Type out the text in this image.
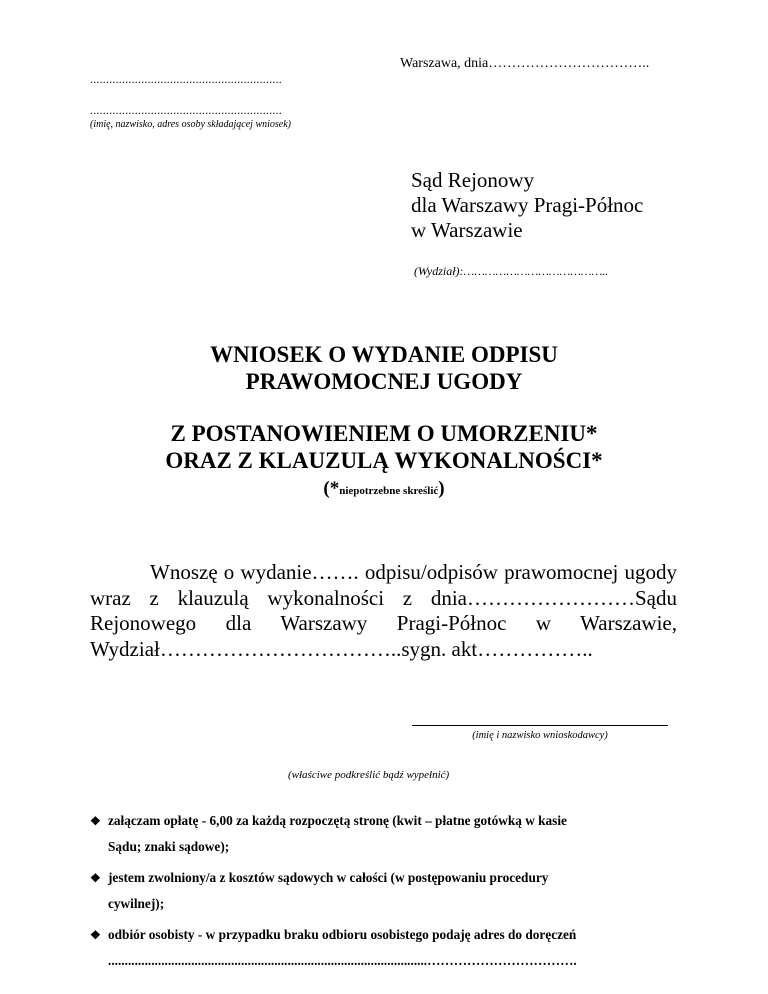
Warszawa, dnia……………………………..
............................................................
............................................................
(imię, nazwisko, adres osoby składającej wniosek)
Sąd Rejonowy
dla Warszawy Pragi-Północ
w Warszawie
(Wydział):…………………………………..
WNIOSEK O WYDANIE ODPISU
PRAWOMOCNEJ UGODY
Z POSTANOWIENIEM O UMORZENIU*
ORAZ Z KLAUZULĄ WYKONALNOŚCI*
(*niepotrzebne skreślić)
Wnoszę o wydanie……. odpisu/odpisów prawomocnej ugody wraz z klauzulą wykonalności z dnia……………………Sądu Rejonowego dla Warszawy Pragi-Północ w Warszawie, Wydział……………………………..sygn. akt……………..
(imię i nazwisko wnioskodawcy)
(właściwe podkreślić bądź wypełnić)
❖ załączam opłatę - 6,00 za każdą rozpoczętą stronę (kwit – płatne gotówką w kasie
Sądu; znaki sądowe);
❖ jestem zwolniony/a z kosztów sądowych w całości (w postępowaniu procedury
cywilnej);
❖ odbiór osobisty - w przypadku braku odbioru osobistego podaję adres do doręczeń
................................................................................................…………………………….
